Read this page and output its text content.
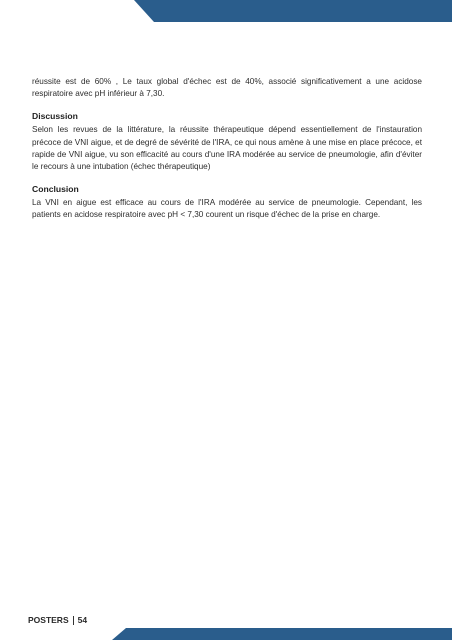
réussite est de 60% , Le taux global d'échec est de 40%, associé significativement a une acidose respiratoire avec pH inférieur à 7,30.

Discussion

Selon les revues de la littérature, la réussite thérapeutique dépend essentiellement de l'instauration précoce de VNI aigue, et de degré de sévérité de l'IRA, ce qui nous amène à une mise en place précoce, et rapide de VNI aigue, vu son efficacité au cours d'une IRA modérée au service de pneumologie, afin d'éviter le recours à une intubation (échec thérapeutique)

Conclusion

La VNI en aigue est efficace au cours de l'IRA modérée au service de pneumologie. Cependant, les patients en acidose respiratoire avec pH < 7,30 courent un risque d'échec de la prise en charge.

POSTERS 54
